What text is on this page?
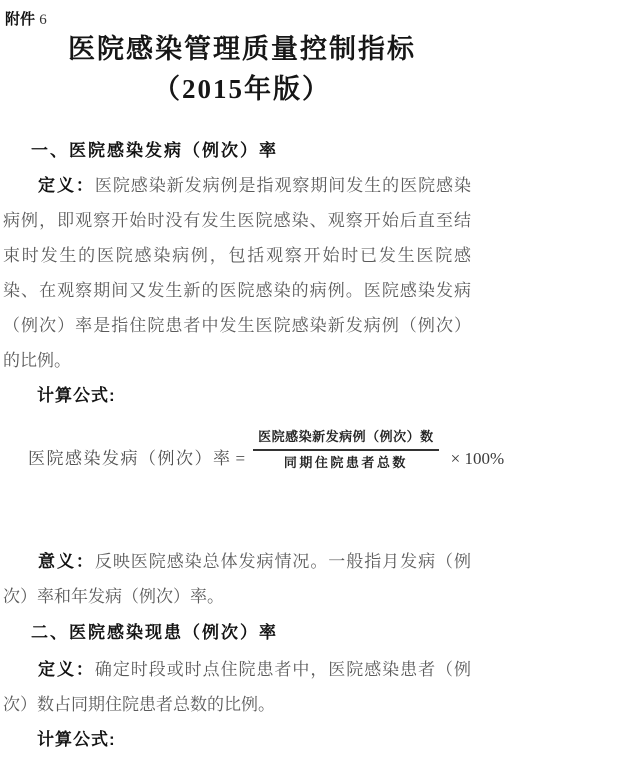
附件 6
医院感染管理质量控制指标
（2015年版）
一、医院感染发病（例次）率
定义：医院感染新发病例是指观察期间发生的医院感染
病例，即观察开始时没有发生医院感染、观察开始后直至结
束时发生的医院感染病例，包括观察开始时已发生医院感
染、在观察期间又发生新的医院感染的病例。医院感染发病
（例次）率是指住院患者中发生医院感染新发病例（例次）
的比例。
计算公式:
医院感染发病（例次）率 = $\frac{\text{医院感染新发病例（例次）数}}{\text{同期住院患者总数}} \times 100\%$
意义：反映医院感染总体发病情况。一般指月发病（例
次）率和年发病（例次）率。
二、医院感染现患（例次）率
定义：确定时段或时点住院患者中，医院感染患者（例
次）数占同期住院患者总数的比例。
计算公式:
